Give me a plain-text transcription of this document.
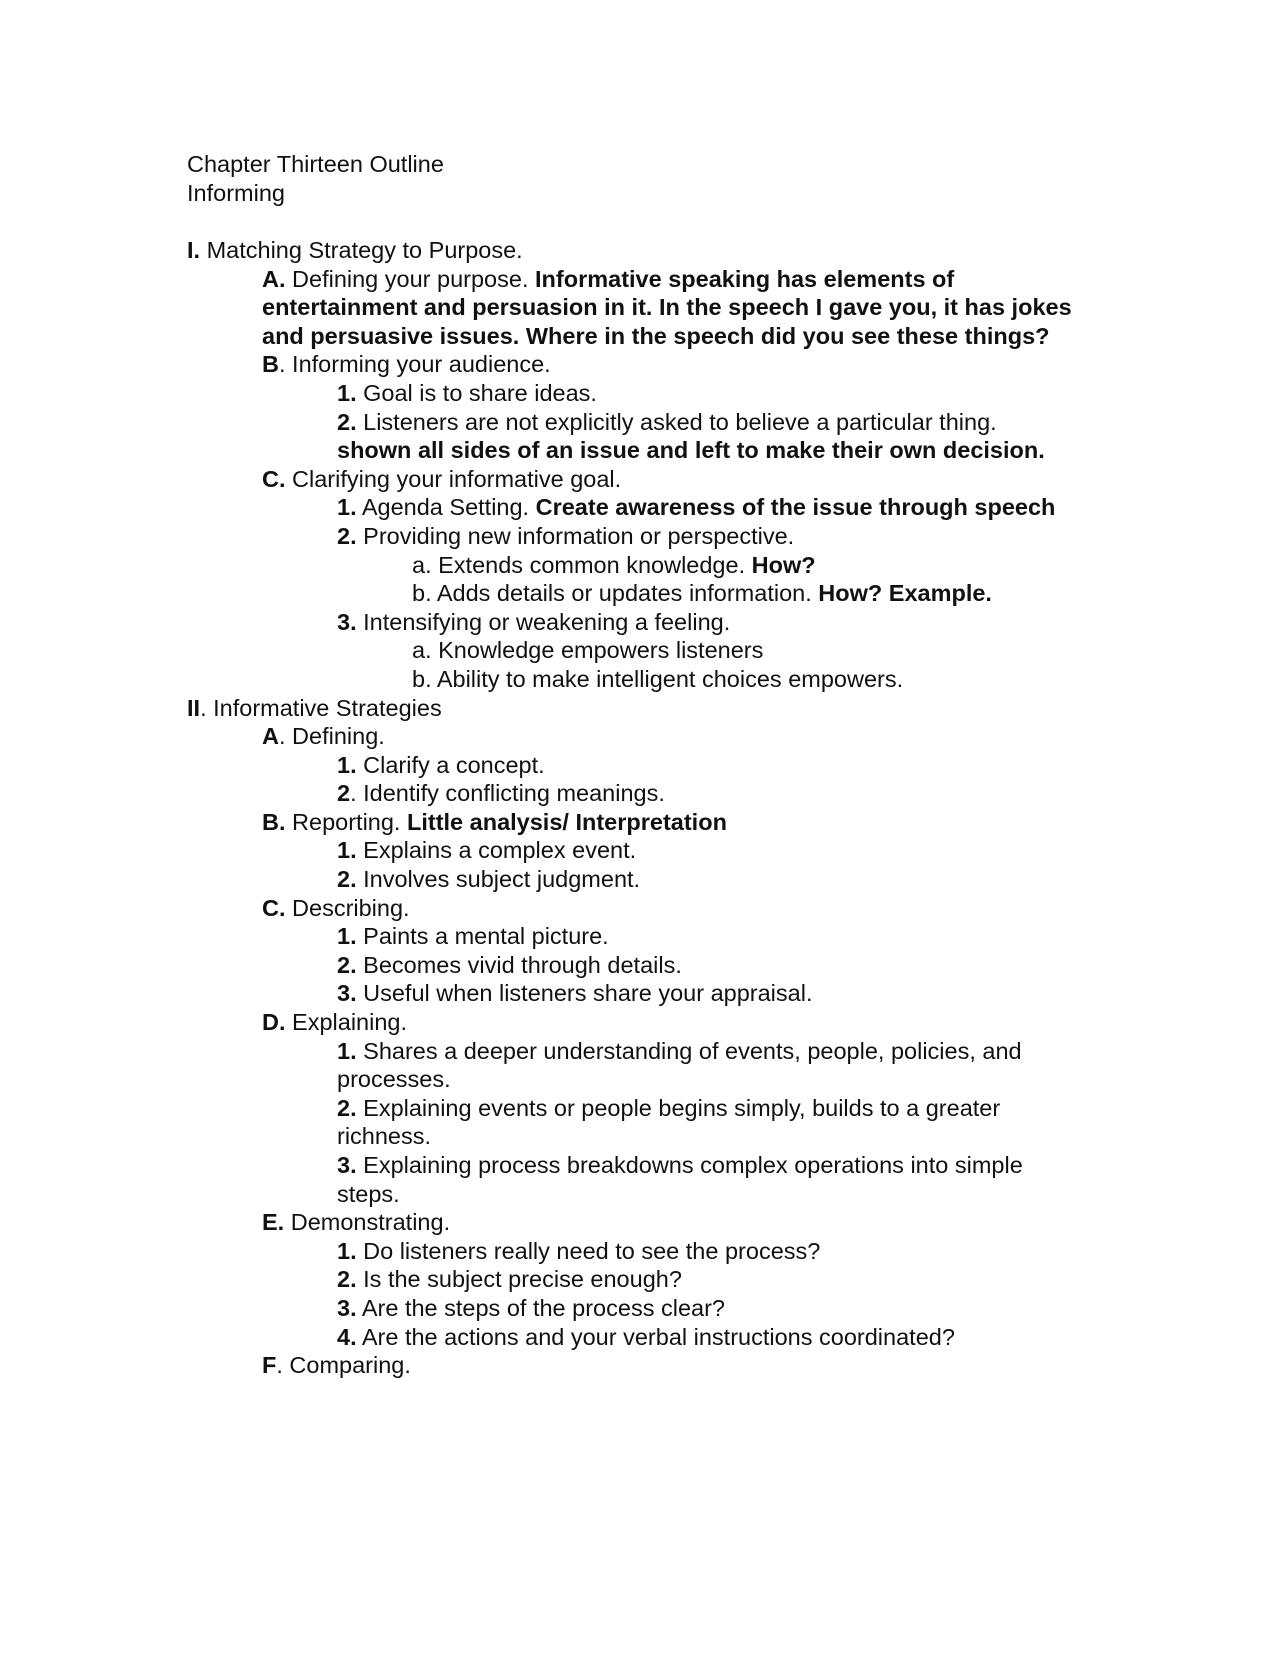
Chapter Thirteen Outline
Informing
I. Matching Strategy to Purpose.
A. Defining your purpose. Informative speaking has elements of entertainment and persuasion in it. In the speech I gave you, it has jokes and persuasive issues. Where in the speech did you see these things?
B. Informing your audience.
1. Goal is to share ideas.
2. Listeners are not explicitly asked to believe a particular thing.
shown all sides of an issue and left to make their own decision.
C. Clarifying your informative goal.
1. Agenda Setting. Create awareness of the issue through speech
2. Providing new information or perspective.
a. Extends common knowledge. How?
b. Adds details or updates information. How? Example.
3. Intensifying or weakening a feeling.
a. Knowledge empowers listeners
b. Ability to make intelligent choices empowers.
II. Informative Strategies
A. Defining.
1. Clarify a concept.
2. Identify conflicting meanings.
B. Reporting. Little analysis/ Interpretation
1. Explains a complex event.
2. Involves subject judgment.
C. Describing.
1. Paints a mental picture.
2. Becomes vivid through details.
3. Useful when listeners share your appraisal.
D. Explaining.
1. Shares a deeper understanding of events, people, policies, and processes.
2. Explaining events or people begins simply, builds to a greater richness.
3. Explaining process breakdowns complex operations into simple steps.
E. Demonstrating.
1. Do listeners really need to see the process?
2. Is the subject precise enough?
3. Are the steps of the process clear?
4. Are the actions and your verbal instructions coordinated?
F. Comparing.
